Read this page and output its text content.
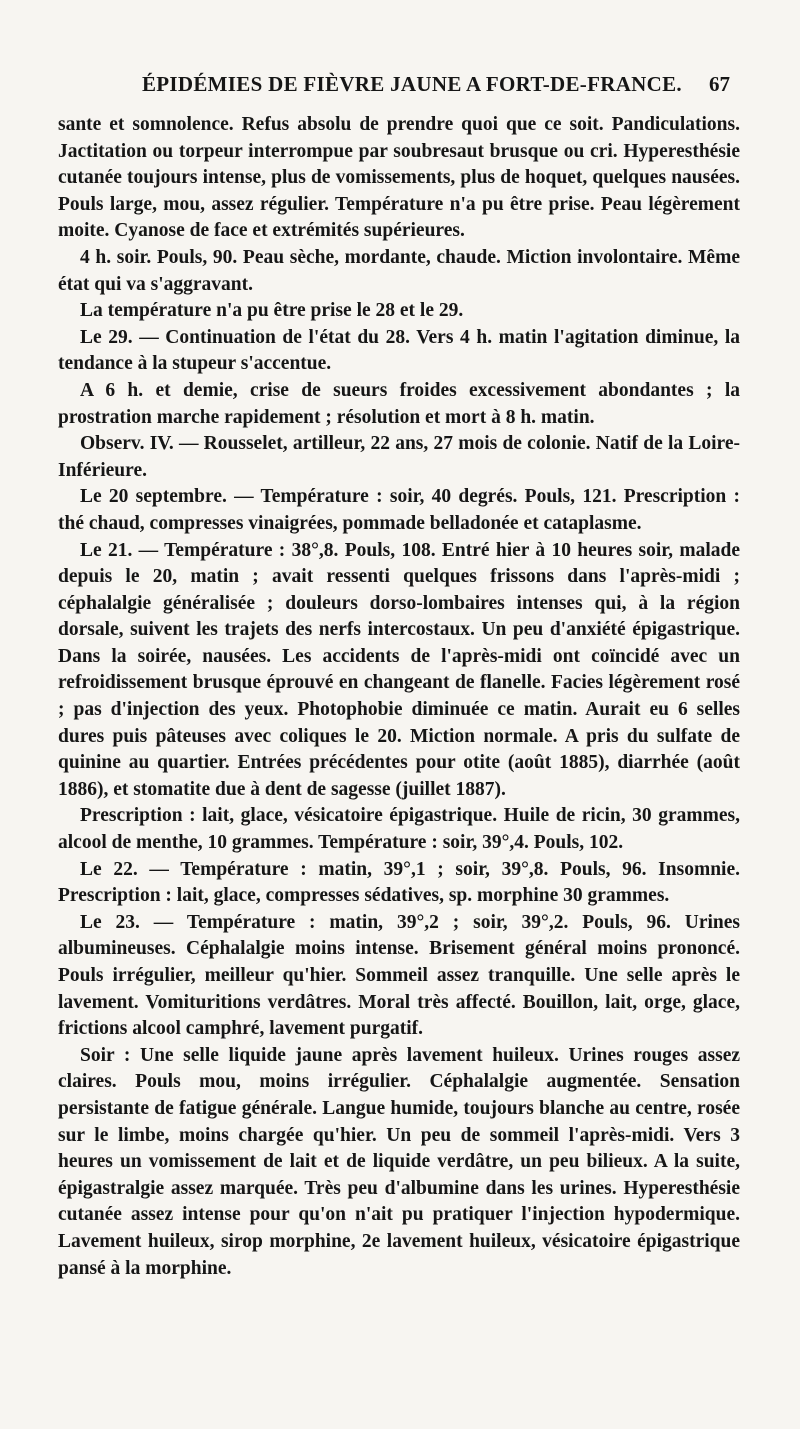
ÉPIDÉMIES DE FIÈVRE JAUNE A FORT-DE-FRANCE. 67

sante et somnolence. Refus absolu de prendre quoi que ce soit. Pandiculations. Jactitation ou torpeur interrompue par soubresaut brusque ou cri. Hyperesthésie cutanée toujours intense, plus de vomissements, plus de hoquet, quelques nausées. Pouls large, mou, assez régulier. Température n'a pu être prise. Peau légèrement moite. Cyanose de face et extrémités supérieures.

4 h. soir. Pouls, 90. Peau sèche, mordante, chaude. Miction involontaire. Même état qui va s'aggravant.

La température n'a pu être prise le 28 et le 29.

Le 29. — Continuation de l'état du 28. Vers 4 h. matin l'agitation diminue, la tendance à la stupeur s'accentue.

A 6 h. et demie, crise de sueurs froides excessivement abondantes ; la prostration marche rapidement ; résolution et mort à 8 h. matin.

Observ. IV. — Rousselet, artilleur, 22 ans, 27 mois de colonie. Natif de la Loire-Inférieure.

Le 20 septembre. — Température : soir, 40 degrés. Pouls, 121. Prescription : thé chaud, compresses vinaigrées, pommade belladonée et cataplasme.

Le 21. — Température : 38°,8. Pouls, 108. Entré hier à 10 heures soir, malade depuis le 20, matin ; avait ressenti quelques frissons dans l'après-midi ; céphalalgie généralisée ; douleurs dorso-lombaires intenses qui, à la région dorsale, suivent les trajets des nerfs intercostaux. Un peu d'anxiété épigastrique. Dans la soirée, nausées. Les accidents de l'après-midi ont coïncidé avec un refroidissement brusque éprouvé en changeant de flanelle. Facies légèrement rosé ; pas d'injection des yeux. Photophobie diminuée ce matin. Aurait eu 6 selles dures puis pâteuses avec coliques le 20. Miction normale. A pris du sulfate de quinine au quartier. Entrées précédentes pour otite (août 1885), diarrhée (août 1886), et stomatite due à dent de sagesse (juillet 1887).

Prescription : lait, glace, vésicatoire épigastrique. Huile de ricin, 30 grammes, alcool de menthe, 10 grammes. Température : soir, 39°,4. Pouls, 102.

Le 22. — Température : matin, 39°,1 ; soir, 39°,8. Pouls, 96. Insomnie. Prescription : lait, glace, compresses sédatives, sp. morphine 30 grammes.

Le 23. — Température : matin, 39°,2 ; soir, 39°,2. Pouls, 96. Urines albumineuses. Céphalalgie moins intense. Brisement général moins prononcé. Pouls irrégulier, meilleur qu'hier. Sommeil assez tranquille. Une selle après le lavement. Vomituritions verdâtres. Moral très affecté. Bouillon, lait, orge, glace, frictions alcool camphré, lavement purgatif.

Soir : Une selle liquide jaune après lavement huileux. Urines rouges assez claires. Pouls mou, moins irrégulier. Céphalalgie augmentée. Sensation persistante de fatigue générale. Langue humide, toujours blanche au centre, rosée sur le limbe, moins chargée qu'hier. Un peu de sommeil l'après-midi. Vers 3 heures un vomissement de lait et de liquide verdâtre, un peu bilieux. A la suite, épigastralgie assez marquée. Très peu d'albumine dans les urines. Hyperesthésie cutanée assez intense pour qu'on n'ait pu pratiquer l'injection hypodermique. Lavement huileux, sirop morphine, 2e lavement huileux, vésicatoire épigastrique pansé à la morphine.
